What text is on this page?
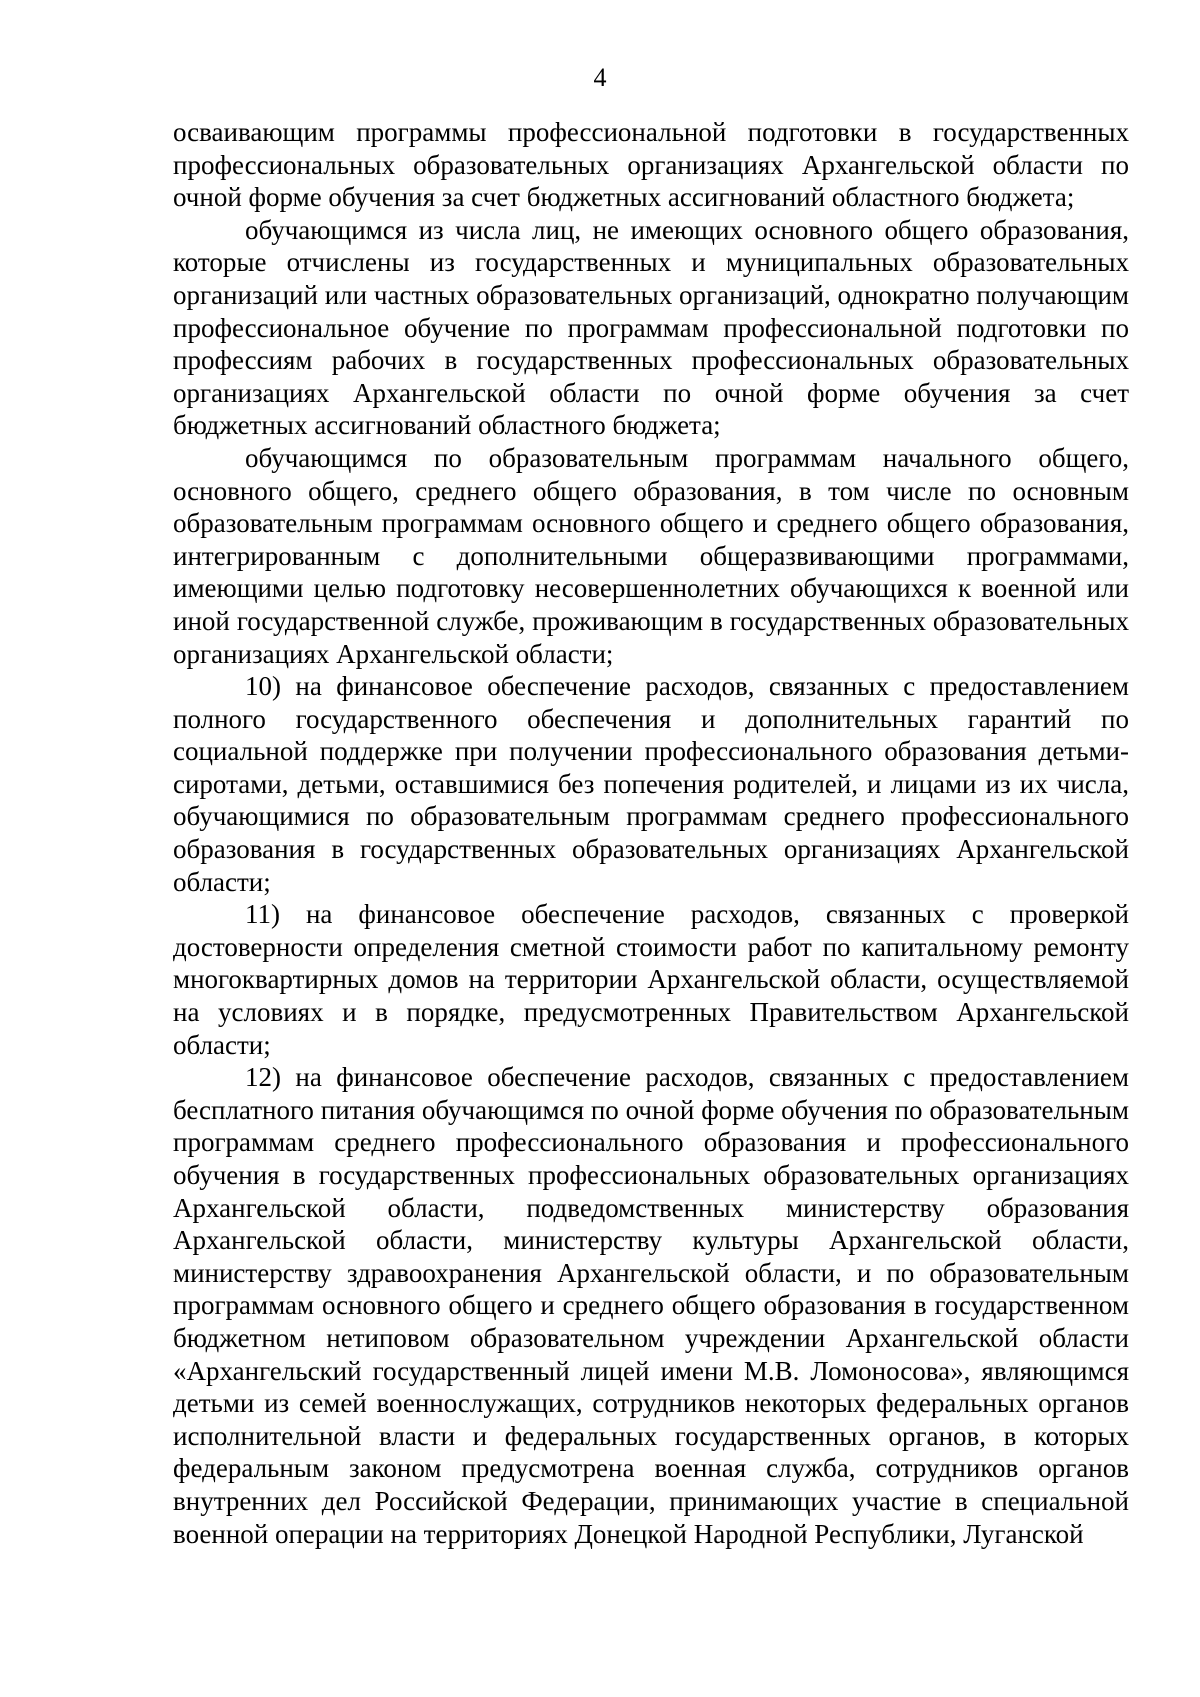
4

осваивающим программы профессиональной подготовки в государственных профессиональных образовательных организациях Архангельской области по очной форме обучения за счет бюджетных ассигнований областного бюджета;

обучающимся из числа лиц, не имеющих основного общего образования, которые отчислены из государственных и муниципальных образовательных организаций или частных образовательных организаций, однократно получающим профессиональное обучение по программам профессиональной подготовки по профессиям рабочих в государственных профессиональных образовательных организациях Архангельской области по очной форме обучения за счет бюджетных ассигнований областного бюджета;

обучающимся по образовательным программам начального общего, основного общего, среднего общего образования, в том числе по основным образовательным программам основного общего и среднего общего образования, интегрированным с дополнительными общеразвивающими программами, имеющими целью подготовку несовершеннолетних обучающихся к военной или иной государственной службе, проживающим в государственных образовательных организациях Архангельской области;

10) на финансовое обеспечение расходов, связанных с предоставлением полного государственного обеспечения и дополнительных гарантий по социальной поддержке при получении профессионального образования детьми-сиротами, детьми, оставшимися без попечения родителей, и лицами из их числа, обучающимися по образовательным программам среднего профессионального образования в государственных образовательных организациях Архангельской области;

11) на финансовое обеспечение расходов, связанных с проверкой достоверности определения сметной стоимости работ по капитальному ремонту многоквартирных домов на территории Архангельской области, осуществляемой на условиях и в порядке, предусмотренных Правительством Архангельской области;

12) на финансовое обеспечение расходов, связанных с предоставлением бесплатного питания обучающимся по очной форме обучения по образовательным программам среднего профессионального образования и профессионального обучения в государственных профессиональных образовательных организациях Архангельской области, подведомственных министерству образования Архангельской области, министерству культуры Архангельской области, министерству здравоохранения Архангельской области, и по образовательным программам основного общего и среднего общего образования в государственном бюджетном нетиповом образовательном учреждении Архангельской области «Архангельский государственный лицей имени М.В. Ломоносова», являющимся детьми из семей военнослужащих, сотрудников некоторых федеральных органов исполнительной власти и федеральных государственных органов, в которых федеральным законом предусмотрена военная служба, сотрудников органов внутренних дел Российской Федерации, принимающих участие в специальной военной операции на территориях Донецкой Народной Республики, Луганской
